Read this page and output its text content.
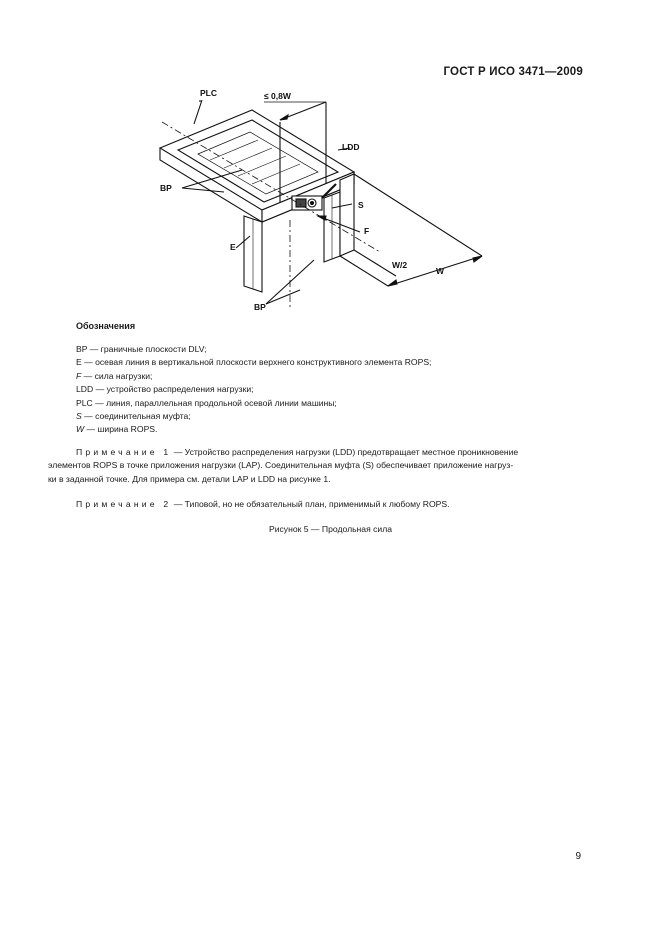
ГОСТ Р ИСО 3471—2009
PLC	≤ 0,8W
LDD
BP
S
F
E
W/2
W
BP
Обозначения
BP — граничные плоскости DLV;
E — осевая линия в вертикальной плоскости верхнего конструктивного элемента ROPS;
F — сила нагрузки;
LDD — устройство распределения нагрузки;
PLC — линия, параллельная продольной осевой линии машины;
S — соединительная муфта;
W — ширина ROPS.
Примечание 1 — Устройство распределения нагрузки (LDD) предотвращает местное проникновение
элементов ROPS в точке приложения нагрузки (LAP). Соединительная муфта (S) обеспечивает приложение нагруз-
ки в заданной точке. Для примера см. детали LAP и LDD на рисунке 1.
Примечание 2 — Типовой, но не обязательный план, применимый к любому ROPS.
Рисунок 5 — Продольная сила
9
